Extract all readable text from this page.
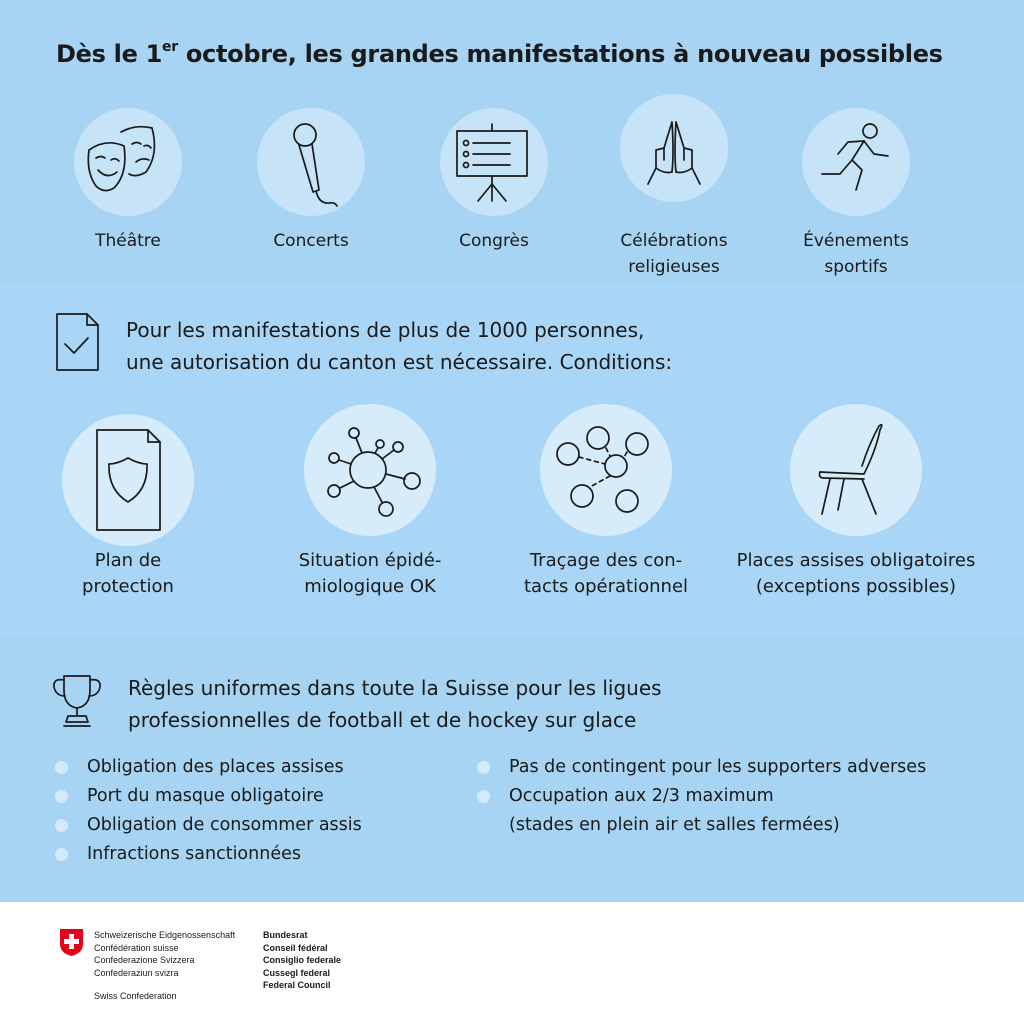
Dès le 1er octobre, les grandes manifestations à nouveau possibles
Théâtre	Concerts	Congrès	Célébrations
religieuses
Événements
sportifs
Pour les manifestations de plus de 1000 personnes,
une autorisation du canton est nécessaire. Conditions:
Plan de
protection
Situation épidé-
miologique OK
Traçage des con-
tacts opérationnel
Places assises obligatoires
(exceptions possibles)
Règles uniformes dans toute la Suisse pour les ligues
professionnelles de football et de hockey sur glace
Obligation des places assises
Port du masque obligatoire
Obligation de consommer assis
Infractions sanctionnées
Pas de contingent pour les supporters adverses
Occupation aux 2/3 maximum
(stades en plein air et salles fermées)
Schweizerische Eidgenossenschaft
Confédération suisse
Confederazione Svizzera
Confederaziun svizra
Swiss Confederation
Bundesrat
Conseil fédéral
Consiglio federale
Cussegl federal
Federal Council
